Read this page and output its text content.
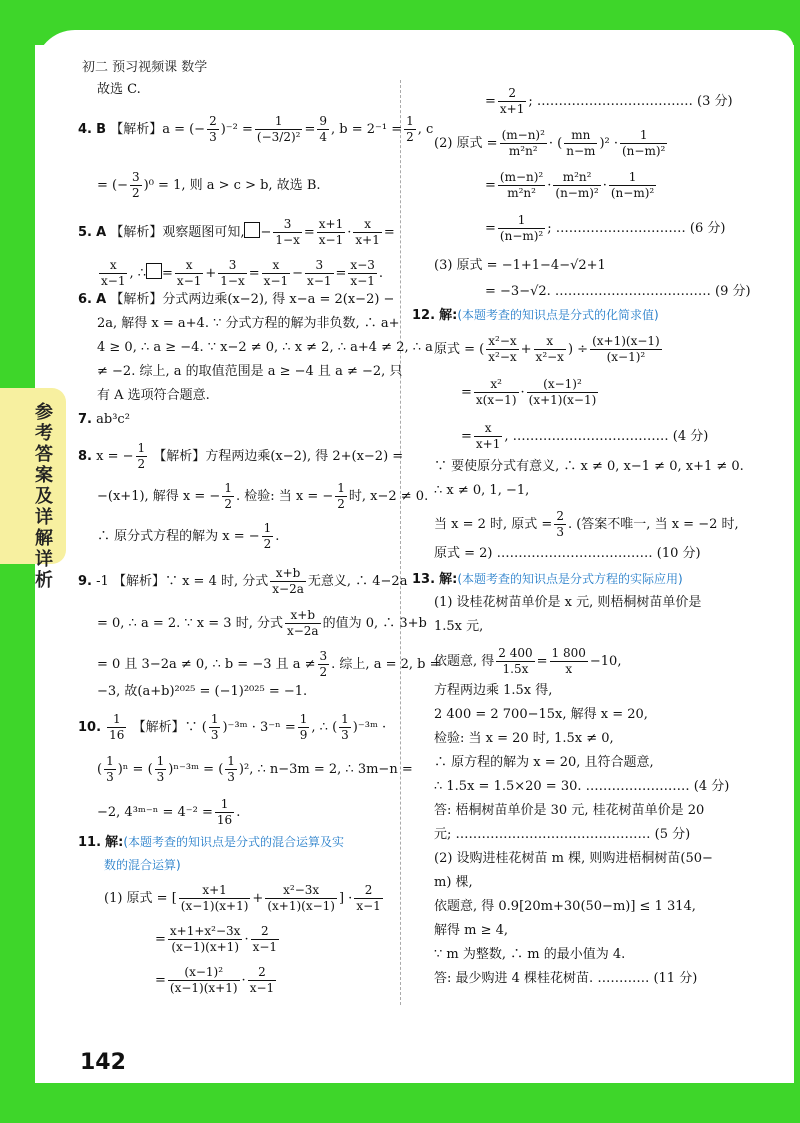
初二 预习视频课 数学
参考答案及详解详析
故选 C.
4. B 【解析】a = (− $\frac{2}{3} )^{-2} = \frac{1}{\text{(−3/2)²}} = \frac{9}{4}$ , $b = 2^{-1} = \frac{1}{2}$ , c
= (− $\frac{3}{2} )^0 = 1$, 则 a > c > b, 故选 B.
5. A 【解析】观察题图可知, − $\frac{3}{1-x} = \frac{x+1}{x-1} \cdot \frac{x}{x+1}$ =
$\frac{x}{x-1}$ , ∴ = $\frac{x}{x-1} + \frac{3}{1-x} = \frac{x}{x-1} - \frac{3}{x-1} = \frac{x-3}{x-1}$ .
6. A 【解析】分式两边乘(x−2), 得 x−a = 2(x−2) −
2a, 解得 x = a+4. ∵ 分式方程的解为非负数, ∴ a+
4 ≥ 0, ∴ a ≥ −4. ∵ x−2 ≠ 0, ∴ x ≠ 2, ∴ a+4 ≠ 2, ∴ a
≠ −2. 综上, a 的取值范围是 a ≥ −4 且 a ≠ −2, 只
有 A 选项符合题意.
7. ab³c²
8. x = − $\frac{1}{2}$ 【解析】方程两边乘(x−2), 得 2+(x−2) =
−(x+1), 解得 x = − $\frac{1}{2}$ . 检验: 当 x = − $\frac{1}{2}$ 时, x−2 ≠ 0.
∴ 原分式方程的解为 x = − $\frac{1}{2}$ .
9. -1 【解析】∵ x = 4 时, 分式 $\frac{x+b}{x-2a}$ 无意义, ∴ 4−2a
= 0, ∴ a = 2. ∵ x = 3 时, 分式 $\frac{x+b}{x-2a}$ 的值为 0, ∴ 3+b
= 0 且 3−2a ≠ 0, ∴ b = −3 且 $a \ne \frac{3}{2}$ . 综上, a = 2, b =
−3, 故(a+b)²⁰²⁵ = (−1)²⁰²⁵ = −1.
10. $\frac{1}{16}$ 【解析】∵ ( $\frac{1}{3}$ )⁻³ᵐ · $3^{-n} = \frac{1}{9}$ , ∴ ( $\frac{1}{3}$ )⁻³ᵐ ·
( $\frac{1}{3} )^n$ = ( $\frac{1}{3}$ )ⁿ⁻³ᵐ = ( $\frac{1}{3} )^2$, ∴ n−3m = 2, ∴ 3m−n =
−2, 4³ᵐ⁻ⁿ = $4^{-2} = \frac{1}{16}$ .
11. 解:(本题考查的知识点是分式的混合运算及实
数的混合运算)
(1) 原式 = [ $\frac{x+1}{(x-1)(x+1)} + \frac{\text{x²−3x}}{(x+1)(x-1)}$ ] · $\frac{2}{x-1}$
= $\frac{\text{x+1+x²−3x}}{(x-1)(x+1)} \cdot \frac{2}{x-1}$
= $\frac{\text{(x−1)²}}{(x-1)(x+1)} \cdot \frac{2}{x-1}$
= $\frac{2}{x+1}$ ; ……………………………… (3 分)
(2) 原式 = $\frac{\text{(m−n)²}}{\text{m²n²}}$ · ( $\frac{mn}{n-m} )^2 \cdot \frac{1}{\text{(n−m)²}}$
= $\frac{\text{(m−n)²}}{\text{m²n²}} \cdot \frac{\text{m²n²}}{\text{(n−m)²}} \cdot \frac{1}{\text{(n−m)²}}$
= $\frac{1}{\text{(n−m)²}}$ ; ………………………… (6 分)
(3) 原式 = −1+1−4−√2+1
= −3−√2. ……………………………… (9 分)
12. 解:(本题考查的知识点是分式的化简求值)
原式 = ( $\frac{\text{x²−x}}{\text{x²−x}} + \frac{x}{\text{x²−x}}$ ) ÷ $\frac{(x+1)(x-1)}{\text{(x−1)²}}$
= $\frac{\text{x²}}{x(x-1)} \cdot \frac{\text{(x−1)²}}{(x+1)(x-1)}$
= $\frac{x}{x+1}$ , ……………………………… (4 分)
∵ 要使原分式有意义, ∴ x ≠ 0, x−1 ≠ 0, x+1 ≠ 0.
∴ x ≠ 0, 1, −1,
当 x = 2 时, 原式 = $\frac{2}{3}$ . (答案不唯一, 当 x = −2 时,
原式 = 2) ……………………………… (10 分)
13. 解:(本题考查的知识点是分式方程的实际应用)
(1) 设桂花树苗单价是 x 元, 则梧桐树苗单价是
1.5x 元,
依题意, 得 $\frac{2 400}{1.5x} = \frac{1 800}{x} -10$,
方程两边乘 1.5x 得,
2 400 = 2 700−15x, 解得 x = 20,
检验: 当 x = 20 时, 1.5x ≠ 0,
∴ 原方程的解为 x = 20, 且符合题意,
∴ 1.5x = 1.5×20 = 30. …………………… (4 分)
答: 梧桐树苗单价是 30 元, 桂花树苗单价是 20
元; ……………………………………… (5 分)
(2) 设购进桂花树苗 m 棵, 则购进梧桐树苗(50−
m) 棵,
依题意, 得 0.9[20m+30(50−m)] ≤ 1 314,
解得 m ≥ 4,
∵ m 为整数, ∴ m 的最小值为 4.
答: 最少购进 4 棵桂花树苗. ………… (11 分)
142
